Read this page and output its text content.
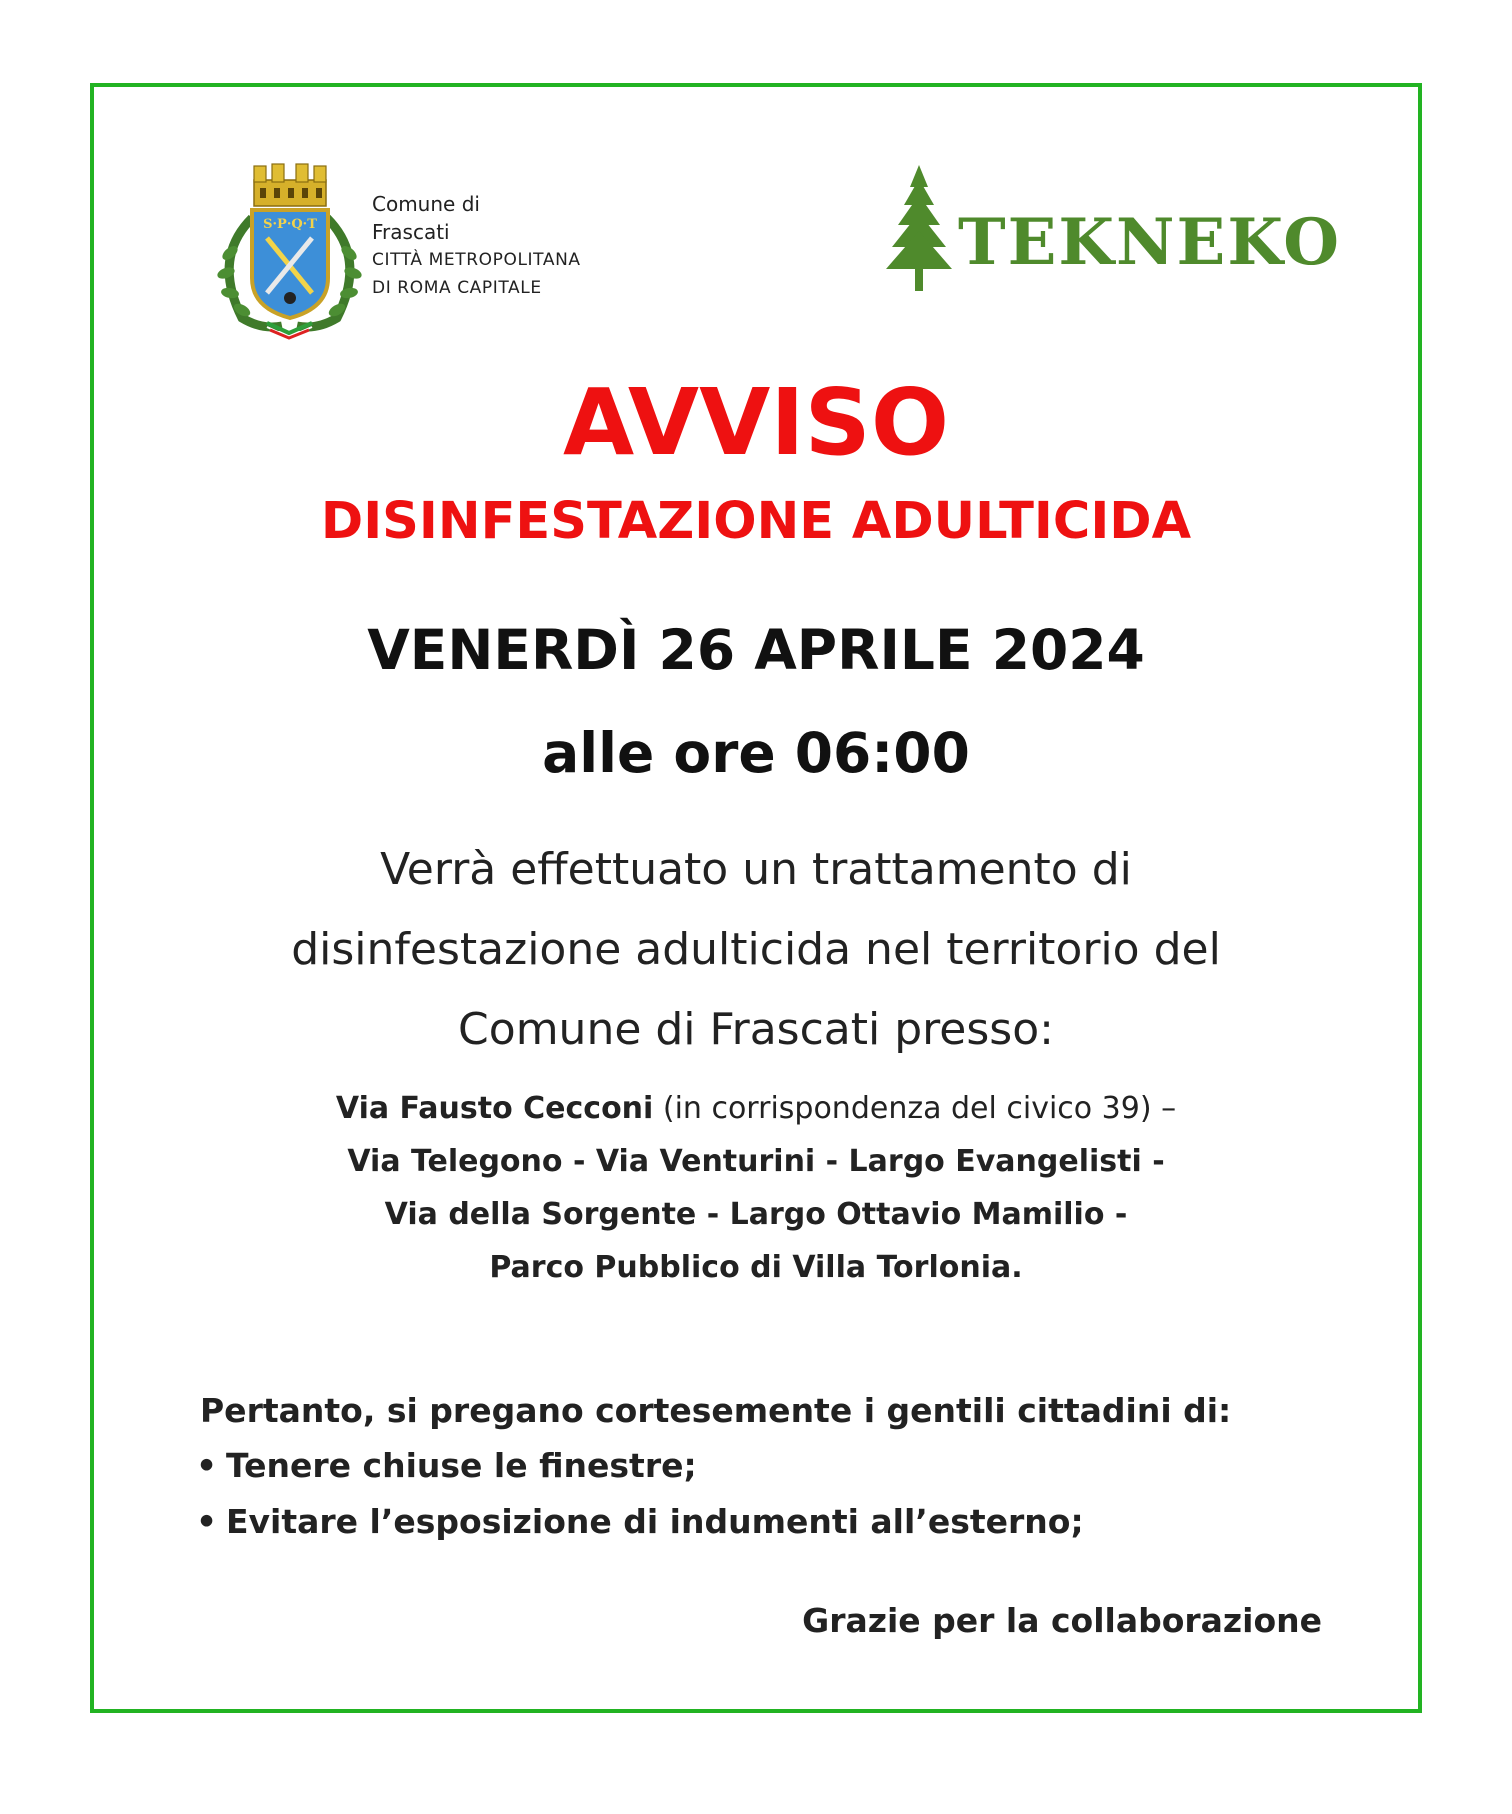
S·P·Q·T
Comune di
Frascati
CITTÀ METROPOLITANA
DI ROMA CAPITALE
TEKNEKO
AVVISO
DISINFESTAZIONE ADULTICIDA
VENERDÌ 26 APRILE 2024
alle ore 06:00
Verrà effettuato un trattamento di
disinfestazione adulticida nel territorio del
Comune di Frascati presso:
Via Fausto Cecconi (in corrispondenza del civico 39) –
Via Telegono - Via Venturini - Largo Evangelisti -
Via della Sorgente - Largo Ottavio Mamilio -
Parco Pubblico di Villa Torlonia.
Pertanto, si pregano cortesemente i gentili cittadini di:
• Tenere chiuse le finestre;
• Evitare l’esposizione di indumenti all’esterno;
Grazie per la collaborazione
